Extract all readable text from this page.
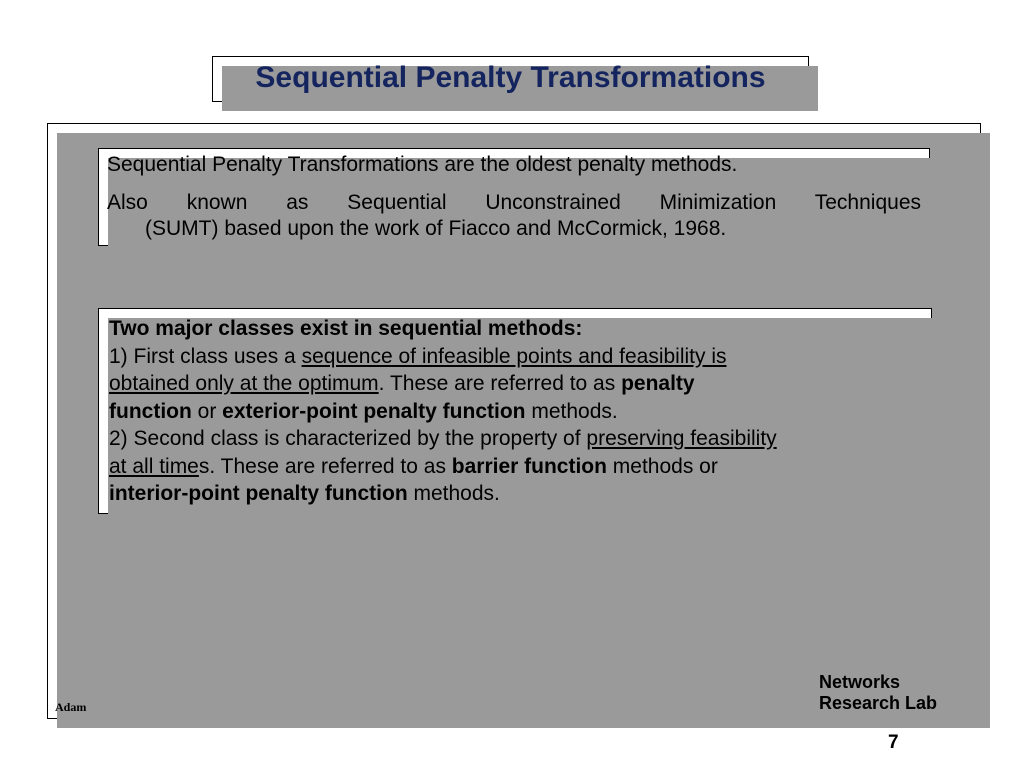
Sequential Penalty Transformations

Sequential Penalty Transformations are the oldest penalty methods.

Also known as Sequential Unconstrained Minimization Techniques

(SUMT) based upon the work of Fiacco and McCormick, 1968.

Two major classes exist in sequential methods:
1) First class uses a sequence of infeasible points and feasibility is
obtained only at the optimum. These are referred to as penalty
function or exterior-point penalty function methods.
2) Second class is characterized by the property of preserving feasibility
at all times. These are referred to as barrier function methods or
interior-point penalty function methods.
Adam
Networks
Research Lab
7
